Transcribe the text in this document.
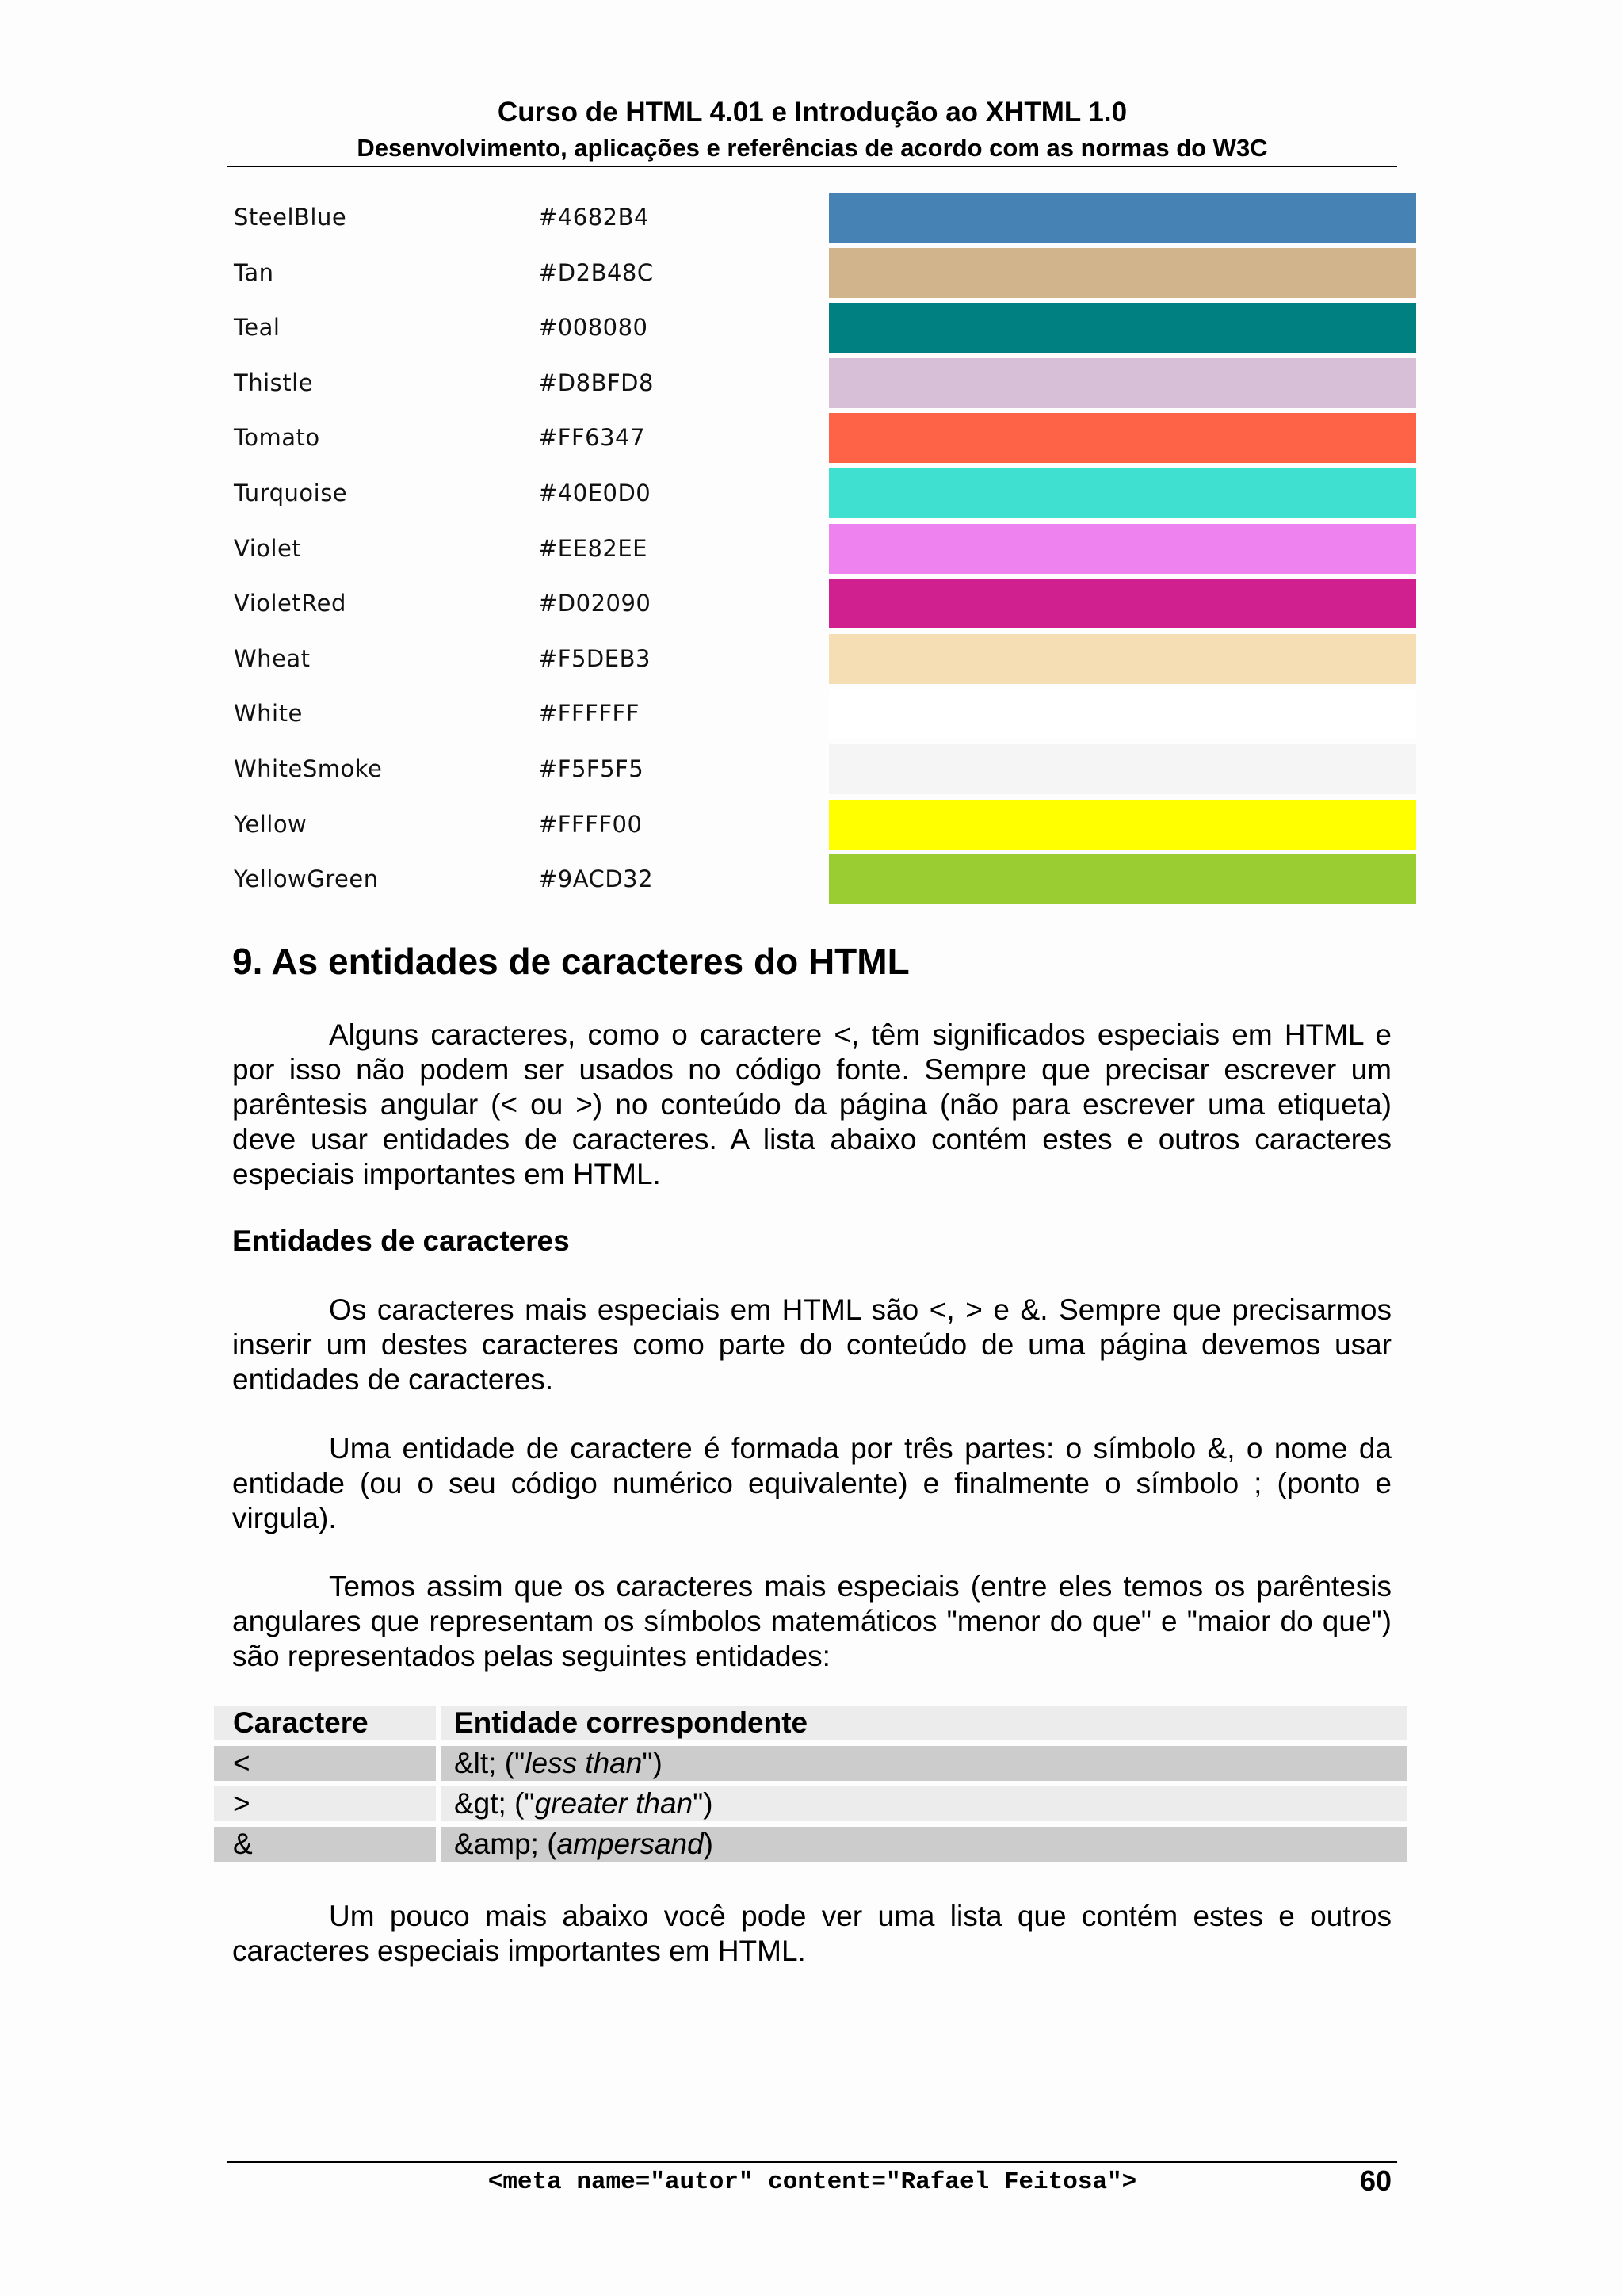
Curso de HTML 4.01 e Introdução ao XHTML 1.0
Desenvolvimento, aplicações e referências de acordo com as normas do W3C
SteelBlue	#4682B4
Tan	#D2B48C
Teal	#008080
Thistle	#D8BFD8
Tomato	#FF6347
Turquoise	#40E0D0
Violet	#EE82EE
VioletRed	#D02090
Wheat	#F5DEB3
White	#FFFFFF
WhiteSmoke	#F5F5F5
Yellow	#FFFF00
YellowGreen	#9ACD32
9. As entidades de caracteres do HTML
Alguns caracteres, como o caractere <, têm significados especiais em HTML e por isso não podem ser usados no código fonte. Sempre que precisar escrever um parêntesis angular (< ou >) no conteúdo da página (não para escrever uma etiqueta) deve usar entidades de caracteres. A lista abaixo contém estes e outros caracteres especiais importantes em HTML.
Entidades de caracteres
Os caracteres mais especiais em HTML são <, > e &. Sempre que precisarmos inserir um destes caracteres como parte do conteúdo de uma página devemos usar entidades de caracteres.
Uma entidade de caractere é formada por três partes: o símbolo &, o nome da entidade (ou o seu código numérico equivalente) e finalmente o símbolo ; (ponto e virgula).
Temos assim que os caracteres mais especiais (entre eles temos os parêntesis angulares que representam os símbolos matemáticos "menor do que" e "maior do que") são representados pelas seguintes entidades:
Caractere	Entidade correspondente
<	&lt; ("less than")
>	&gt; ("greater than")
&	&amp; (ampersand)
Um pouco mais abaixo você pode ver uma lista que contém estes e outros caracteres especiais importantes em HTML.
<meta name="autor" content="Rafael Feitosa">	60
